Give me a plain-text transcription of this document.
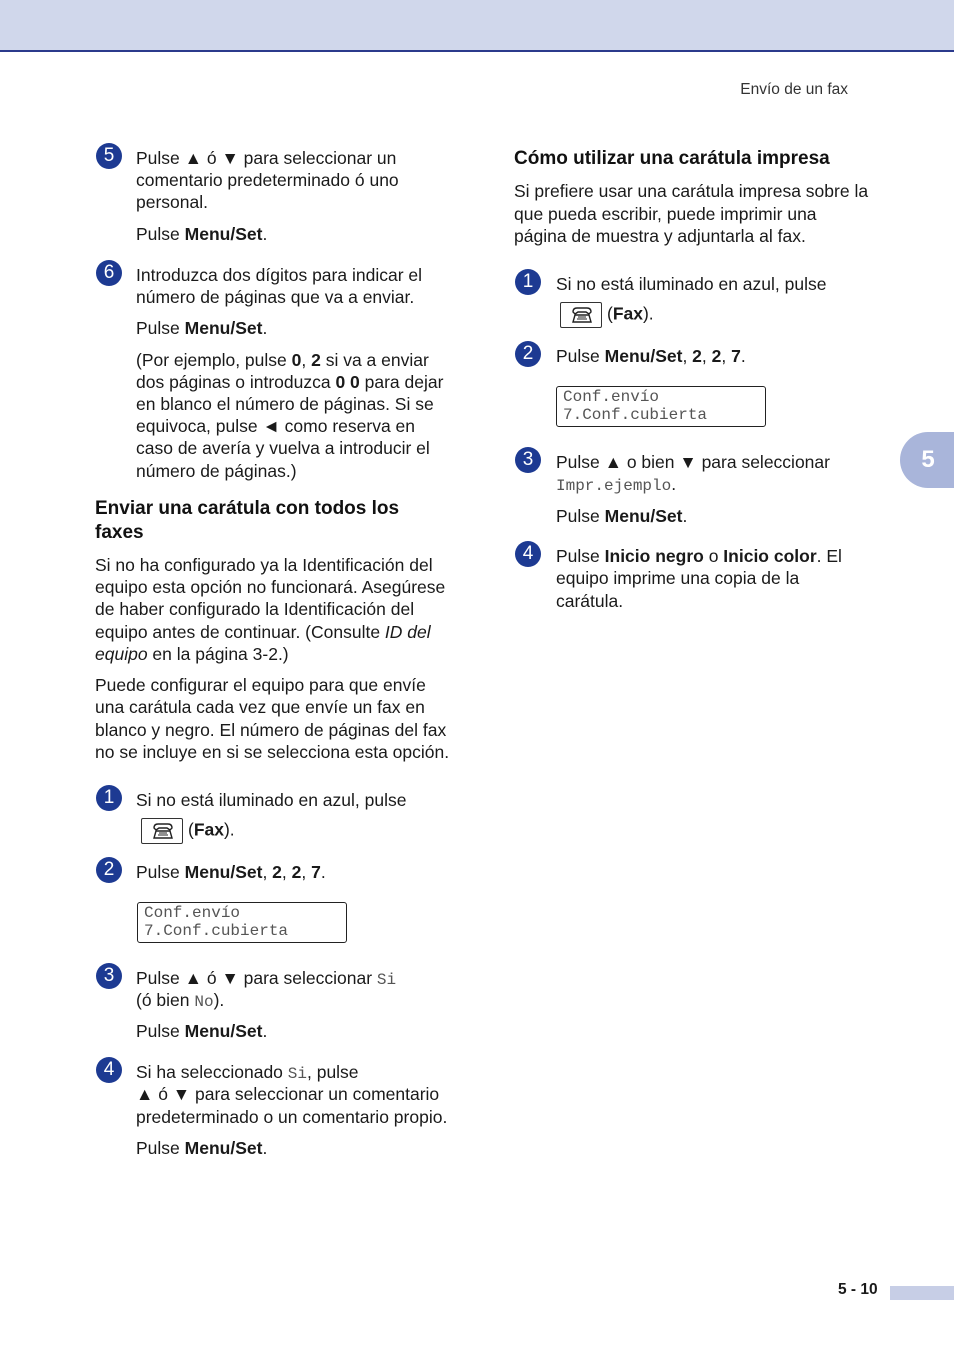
Envío de un fax
5
5	Pulse ▲ ó ▼ para seleccionar un
comentario predeterminado ó uno
personal.
Pulse Menu/Set.
6	Introduzca dos dígitos para indicar el
número de páginas que va a enviar.
Pulse Menu/Set.
(Por ejemplo, pulse 0, 2 si va a enviar
dos páginas o introduzca 0 0 para dejar
en blanco el número de páginas. Si se
equivoca, pulse ◄ como reserva en
caso de avería y vuelva a introducir el
número de páginas.)
Enviar una carátula con todos los
faxes
Si no ha configurado ya la Identificación del
equipo esta opción no funcionará. Asegúrese
de haber configurado la Identificación del
equipo antes de continuar. (Consulte ID del
equipo en la página 3-2.)
Puede configurar el equipo para que envíe
una carátula cada vez que envíe un fax en
blanco y negro. El número de páginas del fax
no se incluye en si se selecciona esta opción.
1	Si no está iluminado en azul, pulse
(Fax).
2	Pulse Menu/Set, 2, 2, 7.
Conf.envío
7.Conf.cubierta
3	Pulse ▲ ó ▼ para seleccionar Si
(ó bien No).
Pulse Menu/Set.
4	Si ha seleccionado Si, pulse
▲ ó ▼ para seleccionar un comentario
predeterminado o un comentario propio.
Pulse Menu/Set.
Cómo utilizar una carátula impresa
Si prefiere usar una carátula impresa sobre la
que pueda escribir, puede imprimir una
página de muestra y adjuntarla al fax.
1	Si no está iluminado en azul, pulse
(Fax).
2	Pulse Menu/Set, 2, 2, 7.
Conf.envío
7.Conf.cubierta
3	Pulse ▲ o bien ▼ para seleccionar
Impr.ejemplo.
Pulse Menu/Set.
4	Pulse Inicio negro o Inicio color. El
equipo imprime una copia de la
carátula.
5 - 10
